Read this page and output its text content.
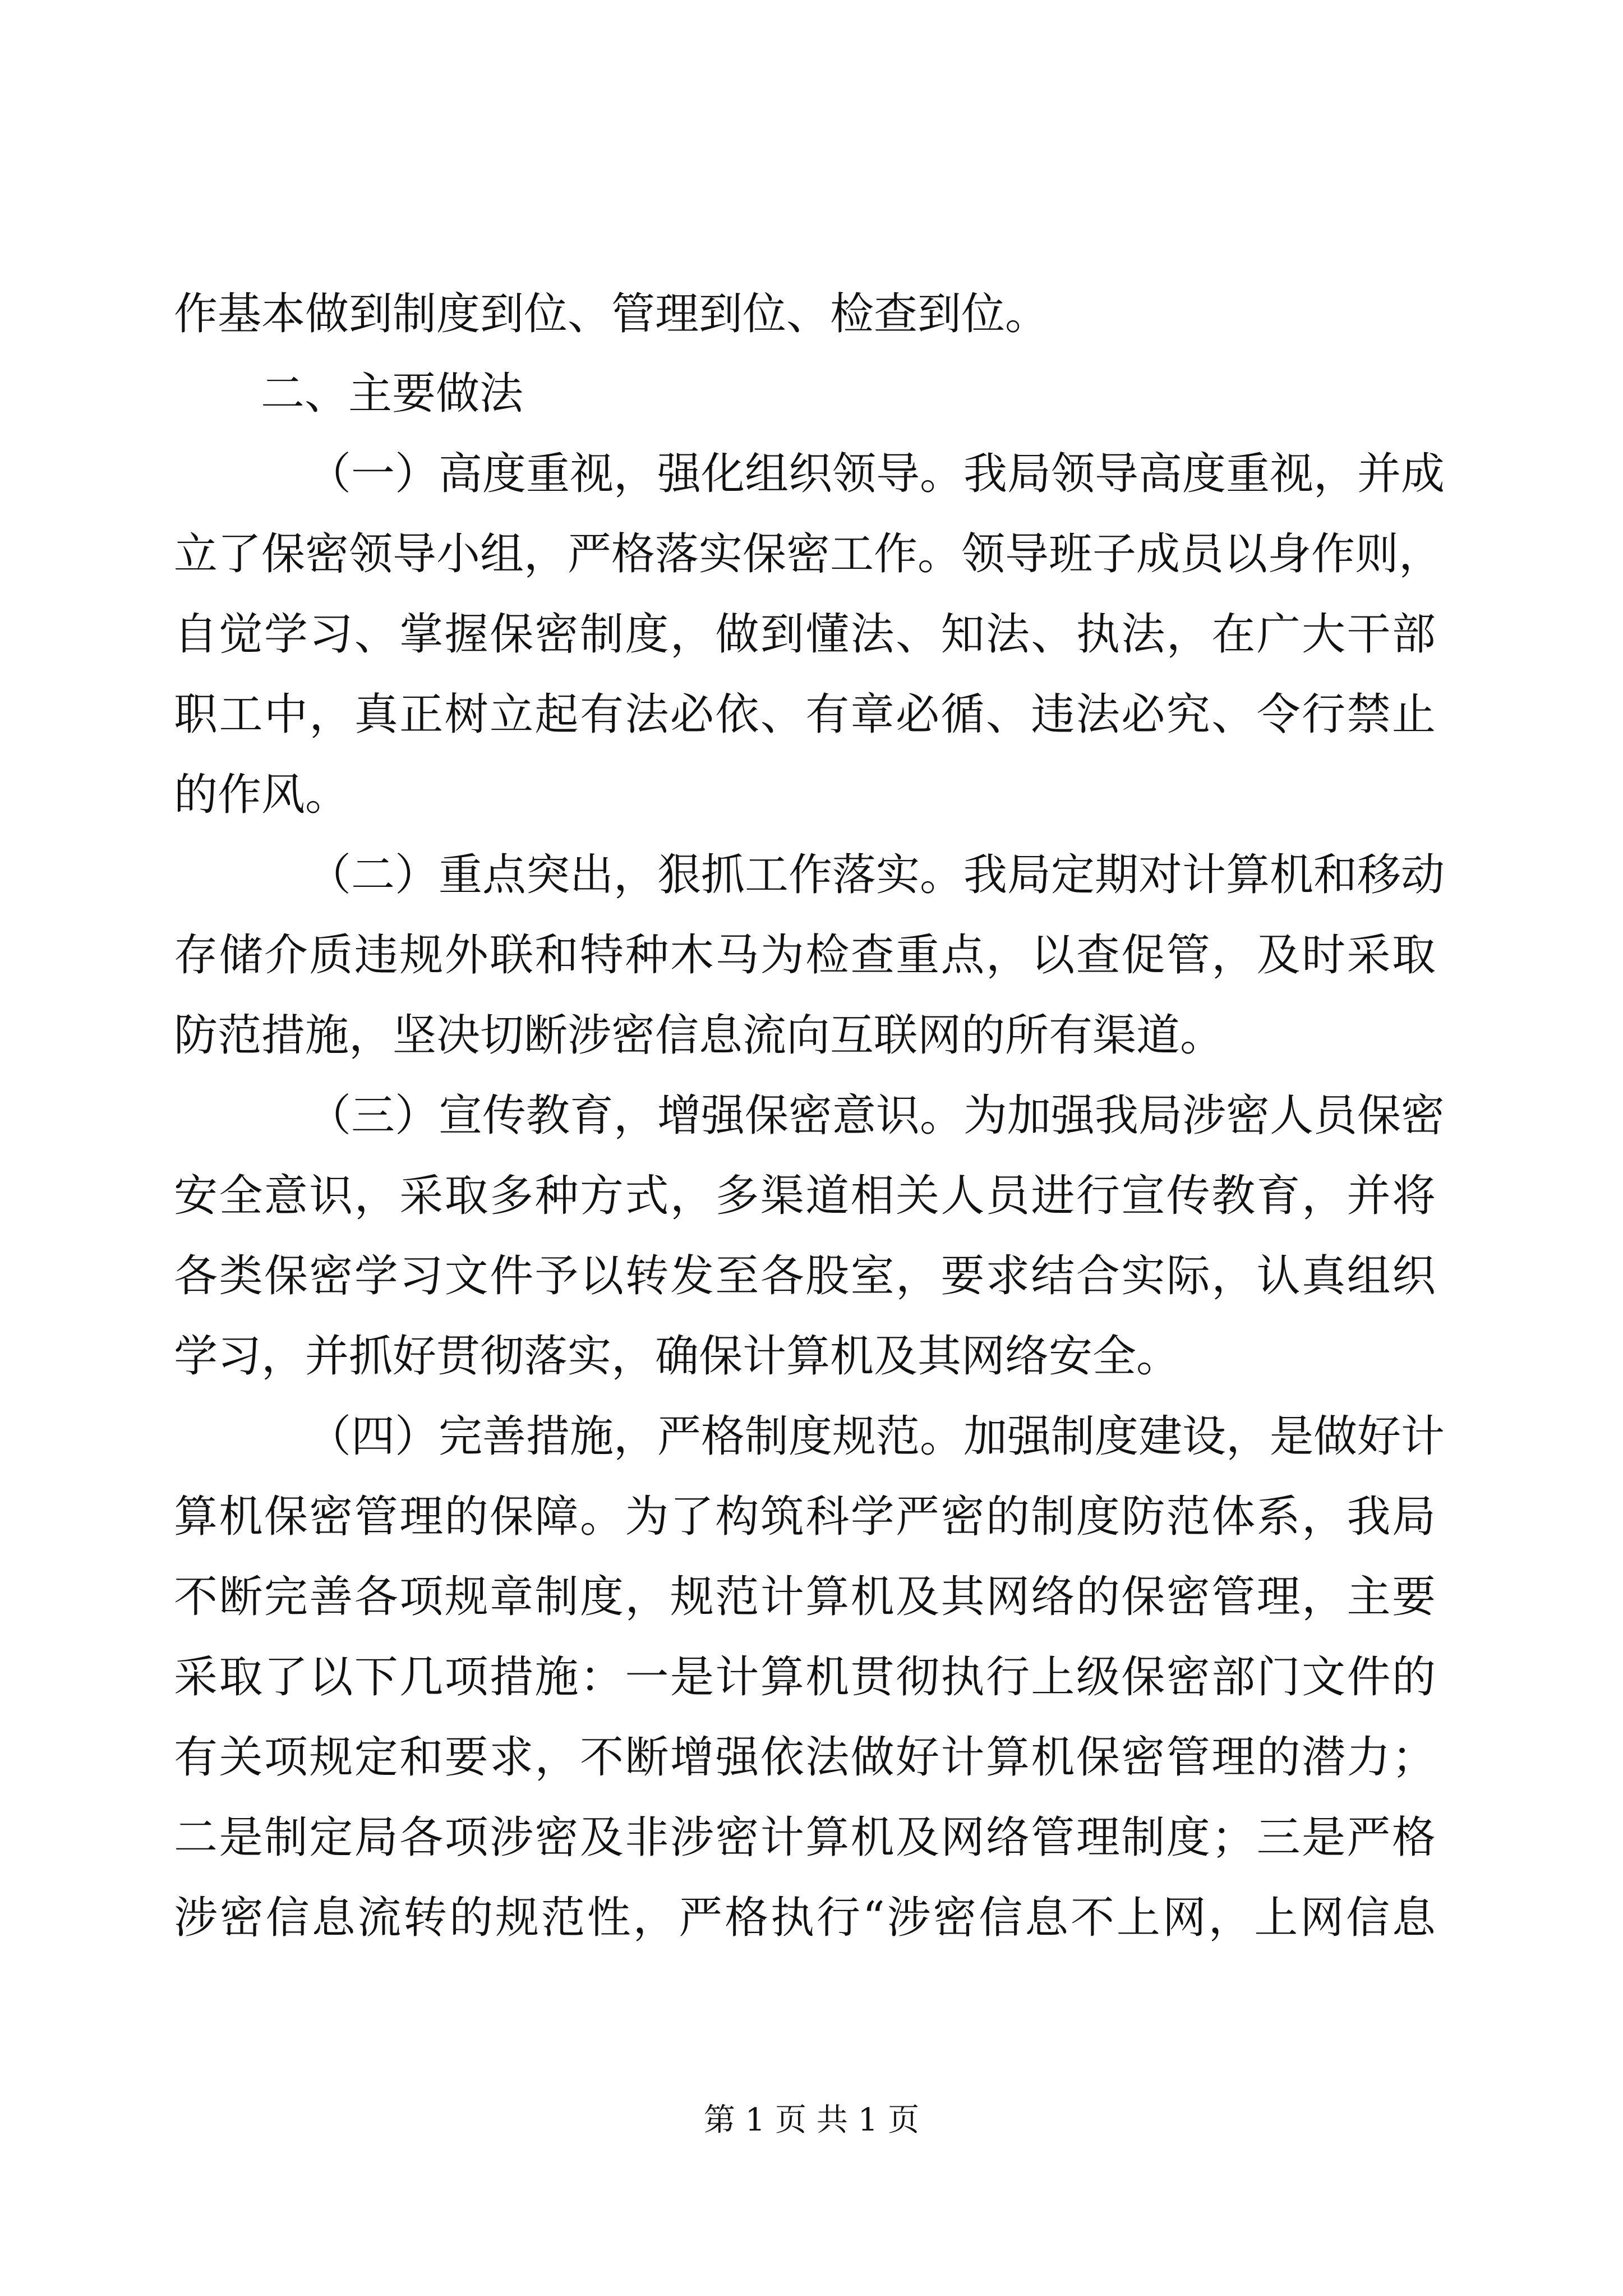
作基本做到制度到位、管理到位、检查到位。
二、主要做法
（一）高度重视，强化组织领导。我局领导高度重视，并成
立了保密领导小组，严格落实保密工作。领导班子成员以身作则，
自觉学习、掌握保密制度，做到懂法、知法、执法，在广大干部
职工中，真正树立起有法必依、有章必循、违法必究、令行禁止
的作风。
（二）重点突出，狠抓工作落实。我局定期对计算机和移动
存储介质违规外联和特种木马为检查重点，以查促管，及时采取
防范措施，坚决切断涉密信息流向互联网的所有渠道。
（三）宣传教育，增强保密意识。为加强我局涉密人员保密
安全意识，采取多种方式，多渠道相关人员进行宣传教育，并将
各类保密学习文件予以转发至各股室，要求结合实际，认真组织
学习，并抓好贯彻落实，确保计算机及其网络安全。
（四）完善措施，严格制度规范。加强制度建设，是做好计
算机保密管理的保障。为了构筑科学严密的制度防范体系，我局
不断完善各项规章制度，规范计算机及其网络的保密管理，主要
采取了以下几项措施：一是计算机贯彻执行上级保密部门文件的
有关项规定和要求，不断增强依法做好计算机保密管理的潜力；
二是制定局各项涉密及非涉密计算机及网络管理制度；三是严格
涉密信息流转的规范性，严格执行“涉密信息不上网，上网信息
第 1 页 共 1 页
